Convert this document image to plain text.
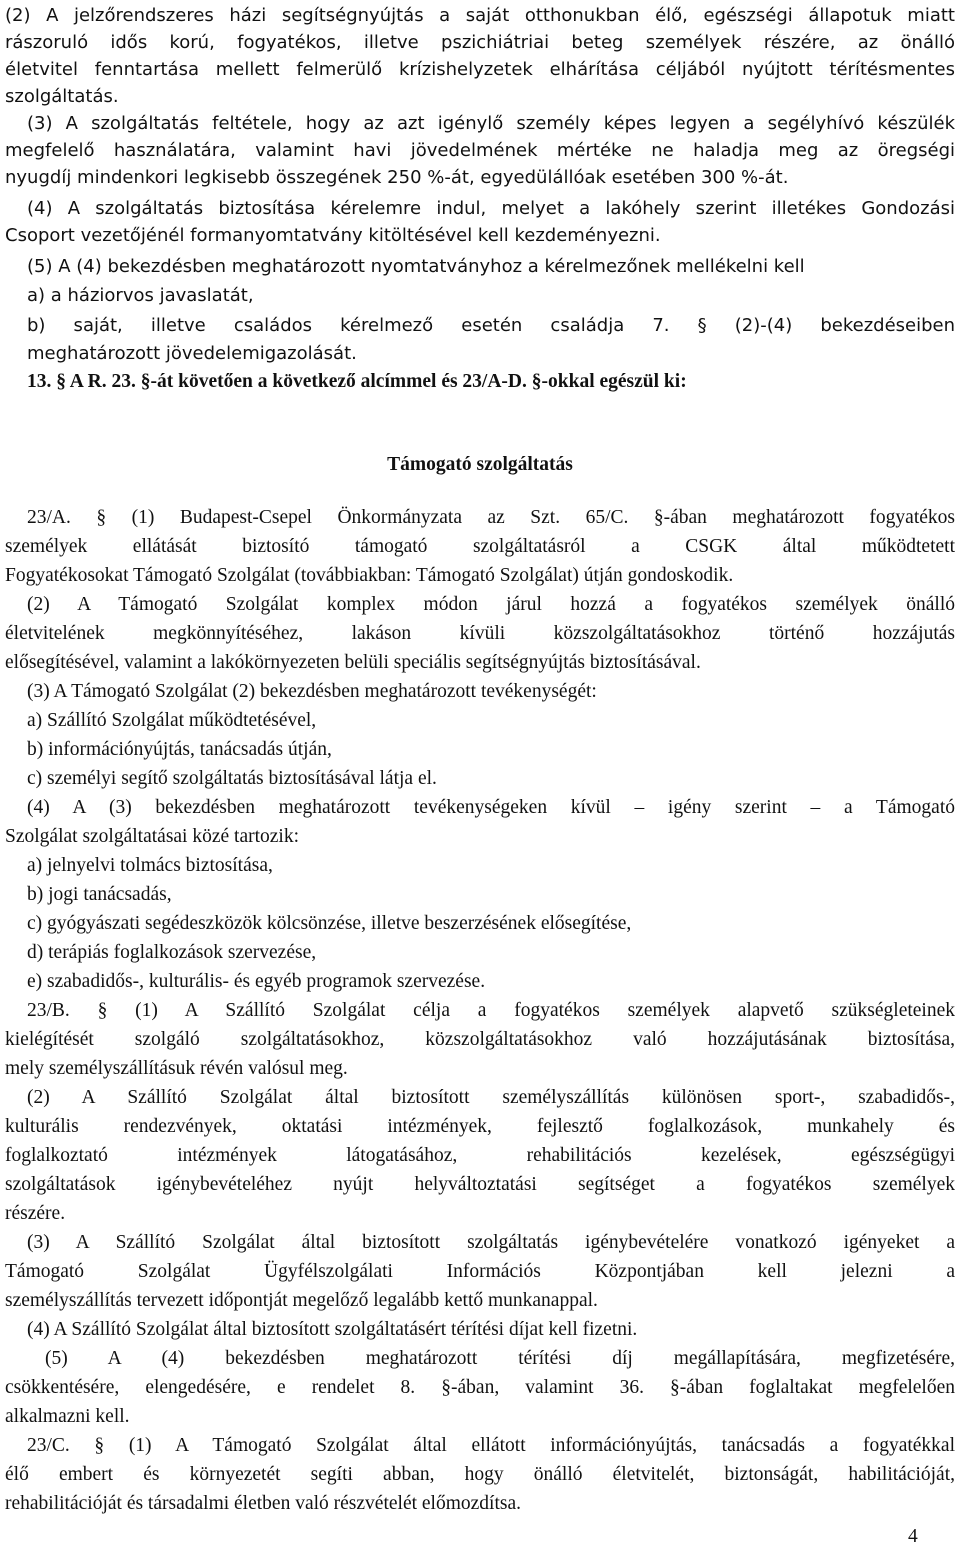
(2) A jelzőrendszeres házi segítségnyújtás a saját otthonukban élő, egészségi állapotuk miatt
rászoruló idős korú, fogyatékos, illetve pszichiátriai beteg személyek részére, az önálló
életvitel fenntartása mellett felmerülő krízishelyzetek elhárítása céljából nyújtott térítésmentes
szolgáltatás.
(3) A szolgáltatás feltétele, hogy az azt igénylő személy képes legyen a segélyhívó készülék
megfelelő használatára, valamint havi jövedelmének mértéke ne haladja meg az öregségi
nyugdíj mindenkori legkisebb összegének 250 %-át, egyedülállóak esetében 300 %-át.
(4) A szolgáltatás biztosítása kérelemre indul, melyet a lakóhely szerint illetékes Gondozási
Csoport vezetőjénél formanyomtatvány kitöltésével kell kezdeményezni.
(5) A (4) bekezdésben meghatározott nyomtatványhoz a kérelmezőnek mellékelni kell
a) a háziorvos javaslatát,
b) saját, illetve családos kérelmező esetén családja 7. § (2)-(4) bekezdéseiben
meghatározott jövedelemigazolását.
13. § A R. 23. §-át követően a következő alcímmel és 23/A-D. §-okkal egészül ki:
Támogató szolgáltatás
23/A. § (1) Budapest-Csepel Önkormányzata az Szt. 65/C. §-ában meghatározott fogyatékos
személyek ellátását biztosító támogató szolgáltatásról a CSGK által működtetett
Fogyatékosokat Támogató Szolgálat (továbbiakban: Támogató Szolgálat) útján gondoskodik.
(2) A Támogató Szolgálat komplex módon járul hozzá a fogyatékos személyek önálló
életvitelének megkönnyítéséhez, lakáson kívüli közszolgáltatásokhoz történő hozzájutás
elősegítésével, valamint a lakókörnyezeten belüli speciális segítségnyújtás biztosításával.
(3) A Támogató Szolgálat (2) bekezdésben meghatározott tevékenységét:
a) Szállító Szolgálat működtetésével,
b) információnyújtás, tanácsadás útján,
c) személyi segítő szolgáltatás biztosításával látja el.
(4) A (3) bekezdésben meghatározott tevékenységeken kívül – igény szerint – a Támogató
Szolgálat szolgáltatásai közé tartozik:
a) jelnyelvi tolmács biztosítása,
b) jogi tanácsadás,
c) gyógyászati segédeszközök kölcsönzése, illetve beszerzésének elősegítése,
d) terápiás foglalkozások szervezése,
e) szabadidős-, kulturális- és egyéb programok szervezése.
23/B. § (1) A Szállító Szolgálat célja a fogyatékos személyek alapvető szükségleteinek
kielégítését szolgáló szolgáltatásokhoz, közszolgáltatásokhoz való hozzájutásának biztosítása,
mely személyszállításuk révén valósul meg.
(2) A Szállító Szolgálat által biztosított személyszállítás különösen sport-, szabadidős-,
kulturális rendezvények, oktatási intézmények, fejlesztő foglalkozások, munkahely és
foglalkoztató intézmények látogatásához, rehabilitációs kezelések, egészségügyi
szolgáltatások igénybevételéhez nyújt helyváltoztatási segítséget a fogyatékos személyek
részére.
(3) A Szállító Szolgálat által biztosított szolgáltatás igénybevételére vonatkozó igényeket a
Támogató Szolgálat Ügyfélszolgálati Információs Központjában kell jelezni a
személyszállítás tervezett időpontját megelőző legalább kettő munkanappal.
(4) A Szállító Szolgálat által biztosított szolgáltatásért térítési díjat kell fizetni.
(5) A (4) bekezdésben meghatározott térítési díj megállapítására, megfizetésére,
csökkentésére, elengedésére, e rendelet 8. §-ában, valamint 36. §-ában foglaltakat megfelelően
alkalmazni kell.
23/C. § (1) A Támogató Szolgálat által ellátott információnyújtás, tanácsadás a fogyatékkal
élő embert és környezetét segíti abban, hogy önálló életvitelét, biztonságát, habilitációját,
rehabilitációját és társadalmi életben való részvételét előmozdítsa.
4
